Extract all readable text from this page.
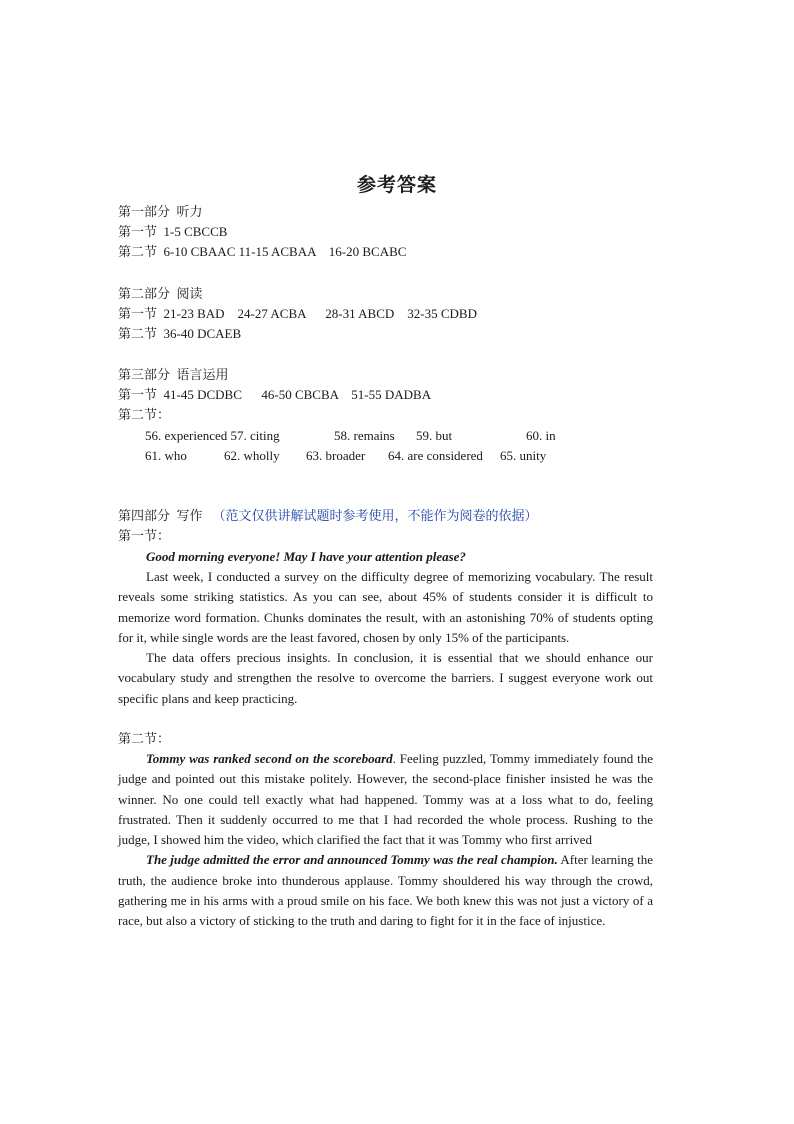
参考答案
第一部分  听力
第一节  1-5 CBCCB
第二节  6-10 CBAAC 11-15 ACBAA    16-20 BCABC
第二部分  阅读
第一节  21-23 BAD    24-27 ACBA      28-31 ABCD    32-35 CDBD
第二节  36-40 DCAEB
第三部分  语言运用
第一节  41-45 DCDBC      46-50 CBCBA    51-55 DADBA
第二节：
56. experienced 57. citing	58. remains 59. but	60. in
61. who	62. wholly 63. broader 64. are considered 65. unity
第四部分  写作 （范文仅供讲解试题时参考使用，不能作为阅卷的依据）
第一节：
Good morning everyone! May I have your attention please?

Last week, I conducted a survey on the difficulty degree of memorizing vocabulary. The result reveals some striking statistics. As you can see, about 45% of students consider it is difficult to memorize word formation. Chunks dominates the result, with an astonishing 70% of students opting for it, while single words are the least favored, chosen by only 15% of the participants.

The data offers precious insights. In conclusion, it is essential that we should enhance our vocabulary study and strengthen the resolve to overcome the barriers. I suggest everyone work out specific plans and keep practicing.

第二节：

Tommy was ranked second on the scoreboard. Feeling puzzled, Tommy immediately found the judge and pointed out this mistake politely. However, the second-place finisher insisted he was the winner. No one could tell exactly what had happened. Tommy was at a loss what to do, feeling frustrated. Then it suddenly occurred to me that I had recorded the whole process. Rushing to the judge, I showed him the video, which clarified the fact that it was Tommy who first arrived

The judge admitted the error and announced Tommy was the real champion. After learning the truth, the audience broke into thunderous applause. Tommy shouldered his way through the crowd, gathering me in his arms with a proud smile on his face. We both knew this was not just a victory of a race, but also a victory of sticking to the truth and daring to fight for it in the face of injustice.
